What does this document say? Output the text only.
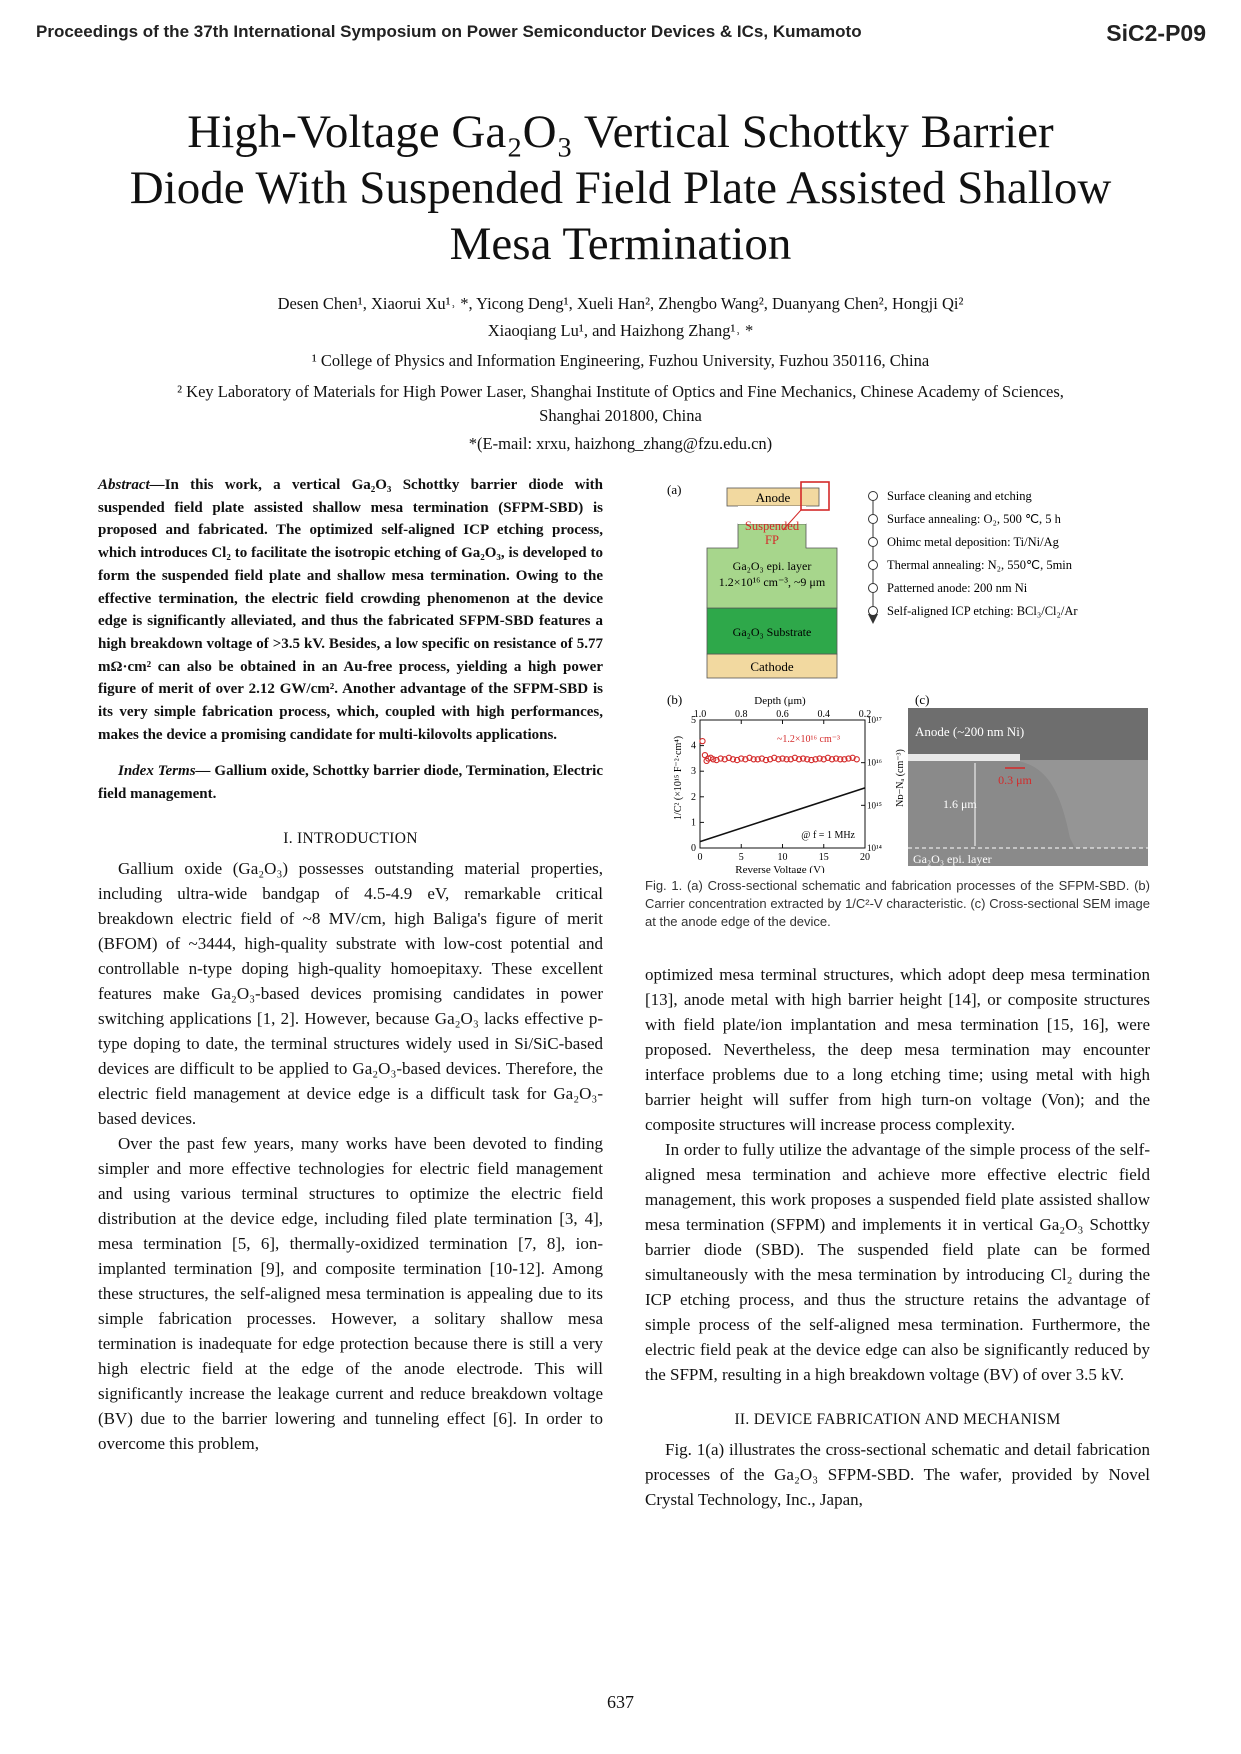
Proceedings of the 37th International Symposium on Power Semiconductor Devices & ICs, Kumamoto	SiC2-P09
High-Voltage Ga₂O₃ Vertical Schottky Barrier
Diode With Suspended Field Plate Assisted Shallow
Mesa Termination
Desen Chen¹, Xiaorui Xu¹˒ *, Yicong Deng¹, Xueli Han², Zhengbo Wang², Duanyang Chen², Hongji Qi²
Xiaoqiang Lu¹, and Haizhong Zhang¹˒ *
¹ College of Physics and Information Engineering, Fuzhou University, Fuzhou 350116, China
² Key Laboratory of Materials for High Power Laser, Shanghai Institute of Optics and Fine Mechanics, Chinese Academy of Sciences,
Shanghai 201800, China
*(E-mail: xrxu, haizhong_zhang@fzu.edu.cn)

Abstract—In this work, a vertical Ga₂O₃ Schottky barrier diode with suspended field plate assisted shallow mesa termination (SFPM-SBD) is proposed and fabricated. The optimized self-aligned ICP etching process, which introduces Cl₂ to facilitate the isotropic etching of Ga₂O₃, is developed to form the suspended field plate and shallow mesa termination. Owing to the effective termination, the electric field crowding phenomenon at the device edge is significantly alleviated, and thus the fabricated SFPM-SBD features a high breakdown voltage of >3.5 kV. Besides, a low specific on resistance of 5.77 mΩ·cm² can also be obtained in an Au-free process, yielding a high power figure of merit of over 2.12 GW/cm². Another advantage of the SFPM-SBD is its very simple fabrication process, which, coupled with high performances, makes the device a promising candidate for multi-kilovolts applications.

Index Terms— Gallium oxide, Schottky barrier diode, Termination, Electric field management.

I. INTRODUCTION

Gallium oxide (Ga₂O₃) possesses outstanding material properties, including ultra-wide bandgap of 4.5-4.9 eV, remarkable critical breakdown electric field of ~8 MV/cm, high Baliga's figure of merit (BFOM) of ~3444, high-quality substrate with low-cost potential and controllable n-type doping high-quality homoepitaxy. These excellent features make Ga₂O₃-based devices promising candidates in power switching applications [1, 2]. However, because Ga₂O₃ lacks effective p-type doping to date, the terminal structures widely used in Si/SiC-based devices are difficult to be applied to Ga₂O₃-based devices. Therefore, the electric field management at device edge is a difficult task for Ga₂O₃-based devices.

Over the past few years, many works have been devoted to finding simpler and more effective technologies for electric field management and using various terminal structures to optimize the electric field distribution at the device edge, including filed plate termination [3, 4], mesa termination [5, 6], thermally-oxidized termination [7, 8], ion-implanted termination [9], and composite termination [10-12]. Among these structures, the self-aligned mesa termination is appealing due to its simple fabrication processes. However, a solitary shallow mesa termination is inadequate for edge protection because there is still a very high electric field at the edge of the anode electrode. This will significantly increase the leakage current and reduce breakdown voltage (BV) due to the barrier lowering and tunneling effect [6]. In order to overcome this problem,

(a)
Anode
Suspended
FP
Ga₂O₃ epi. layer
1.2×10¹⁶ cm⁻³, ~9 μm
Ga₂O₃ Substrate
Cathode
Surface cleaning and etching
Surface annealing: O₂, 500 ℃, 5 h
Ohimc metal deposition: Ti/Ni/Ag
Thermal annealing: N₂, 550℃, 5min
Patterned anode: 200 nm Ni
Self-aligned ICP etching: BCl₃/Cl₂/Ar
(b)	Depth (μm)
0	5	10	15	20
1.0	0.8	0.6	0.4	0.2
0
1
2
3
4
5
10¹⁴
10¹⁵
10¹⁶
10¹⁷
~1.2×10¹⁶ cm⁻³
@ f = 1 MHz
Reverse Voltage (V)
1/C² (×10¹⁵ F⁻²·cm⁴)	Nᴅ−Nₐ (cm⁻³)
(c)
Anode (~200 nm Ni)
0.3 μm
1.6 μm
Ga₂O₃ epi. layer
Fig. 1. (a) Cross-sectional schematic and fabrication processes of the SFPM-SBD. (b) Carrier concentration extracted by 1/C²-V characteristic. (c) Cross-sectional SEM image at the anode edge of the device.

optimized mesa terminal structures, which adopt deep mesa termination [13], anode metal with high barrier height [14], or composite structures with field plate/ion implantation and mesa termination [15, 16], were proposed. Nevertheless, the deep mesa termination may encounter interface problems due to a long etching time; using metal with high barrier height will suffer from high turn-on voltage (Von); and the composite structures will increase process complexity.

In order to fully utilize the advantage of the simple process of the self-aligned mesa termination and achieve more effective electric field management, this work proposes a suspended field plate assisted shallow mesa termination (SFPM) and implements it in vertical Ga₂O₃ Schottky barrier diode (SBD). The suspended field plate can be formed simultaneously with the mesa termination by introducing Cl₂ during the ICP etching process, and thus the structure retains the advantage of simple process of the self-aligned mesa termination. Furthermore, the electric field peak at the device edge can also be significantly reduced by the SFPM, resulting in a high breakdown voltage (BV) of over 3.5 kV.

II. DEVICE FABRICATION AND MECHANISM

Fig. 1(a) illustrates the cross-sectional schematic and detail fabrication processes of the Ga₂O₃ SFPM-SBD. The wafer, provided by Novel Crystal Technology, Inc., Japan,

637
